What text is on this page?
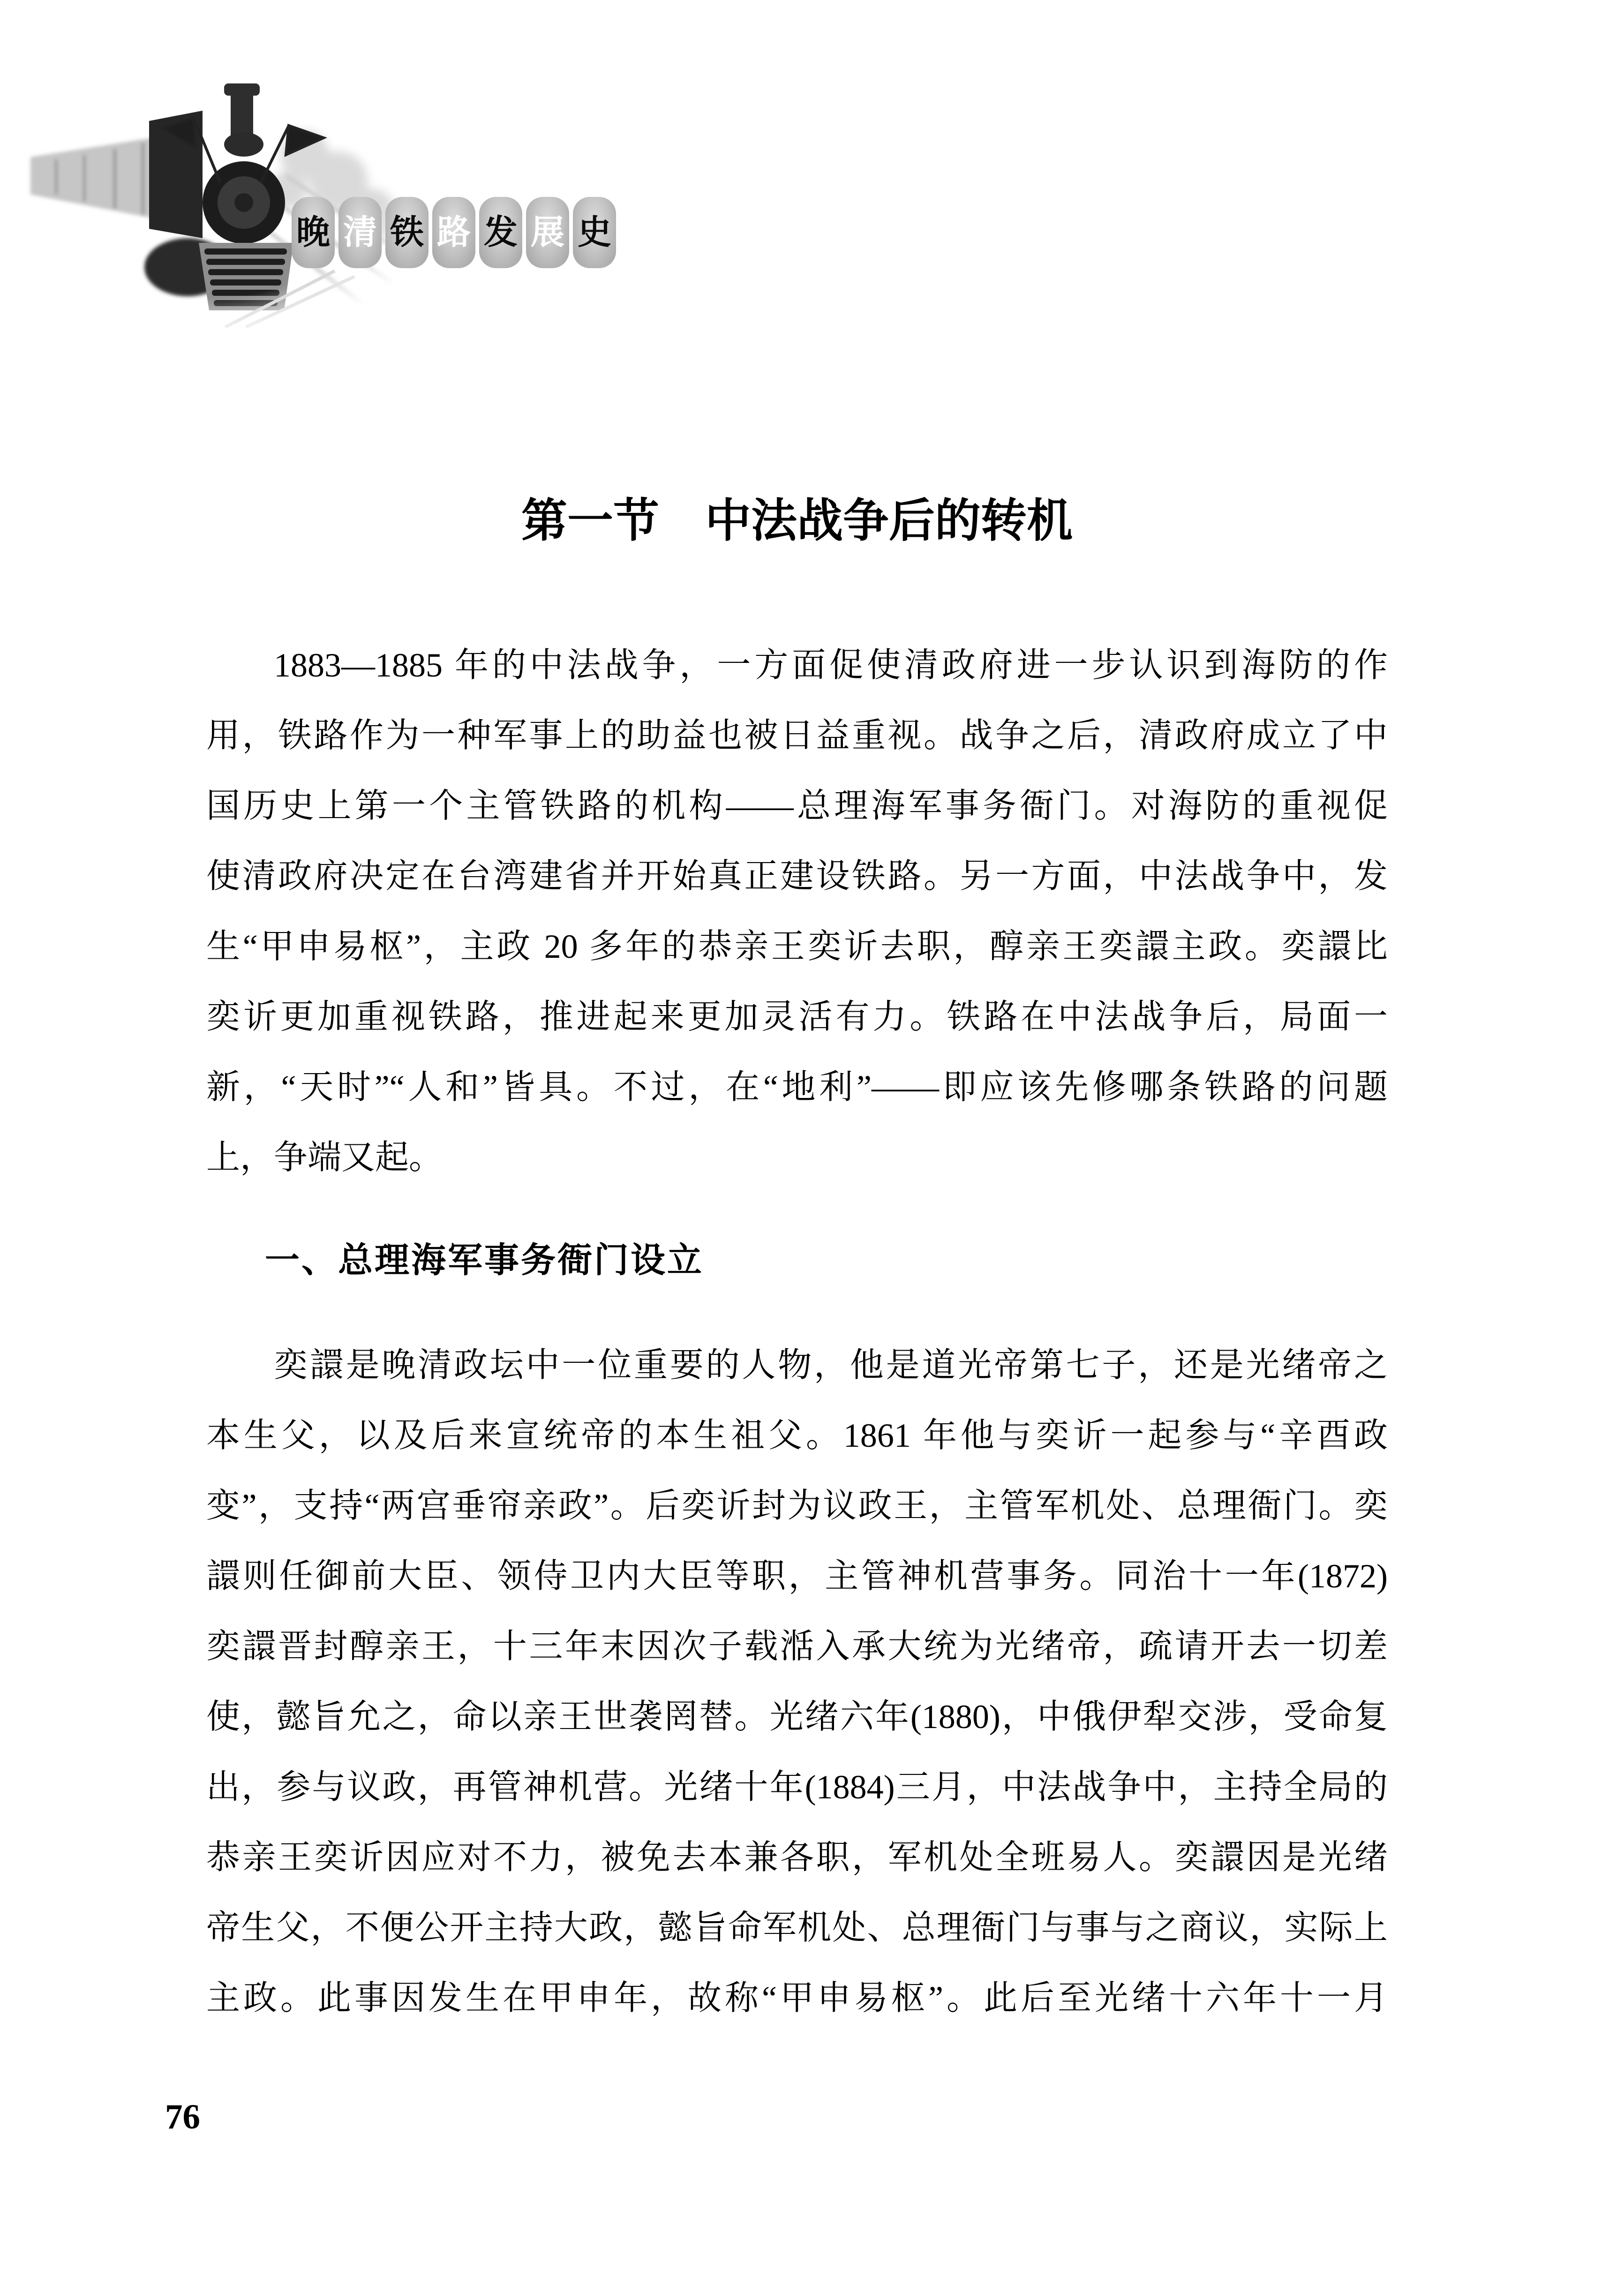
晚 清 铁 路 发 展 史
第一节　中法战争后的转机
1883—1885 年的中法战争，一方面促使清政府进一步认识到海防的作
用，铁路作为一种军事上的助益也被日益重视。战争之后，清政府成立了中
国历史上第一个主管铁路的机构——总理海军事务衙门。对海防的重视促
使清政府决定在台湾建省并开始真正建设铁路。另一方面，中法战争中，发
生“甲申易枢”，主政 20 多年的恭亲王奕䜣去职，醇亲王奕譞主政。奕譞比
奕䜣更加重视铁路，推进起来更加灵活有力。铁路在中法战争后，局面一
新，“天时”“人和”皆具。不过，在“地利”——即应该先修哪条铁路的问题
上，争端又起。
一、总理海军事务衙门设立
奕譞是晚清政坛中一位重要的人物，他是道光帝第七子，还是光绪帝之
本生父，以及后来宣统帝的本生祖父。1861 年他与奕䜣一起参与“辛酉政
变”，支持“两宫垂帘亲政”。后奕䜣封为议政王，主管军机处、总理衙门。奕
譞则任御前大臣、领侍卫内大臣等职，主管神机营事务。同治十一年(1872)
奕譞晋封醇亲王，十三年末因次子载湉入承大统为光绪帝，疏请开去一切差
使，懿旨允之，命以亲王世袭罔替。光绪六年(1880)，中俄伊犁交涉，受命复
出，参与议政，再管神机营。光绪十年(1884)三月，中法战争中，主持全局的
恭亲王奕䜣因应对不力，被免去本兼各职，军机处全班易人。奕譞因是光绪
帝生父，不便公开主持大政，懿旨命军机处、总理衙门与事与之商议，实际上
主政。此事因发生在甲申年，故称“甲申易枢”。此后至光绪十六年十一月
76
